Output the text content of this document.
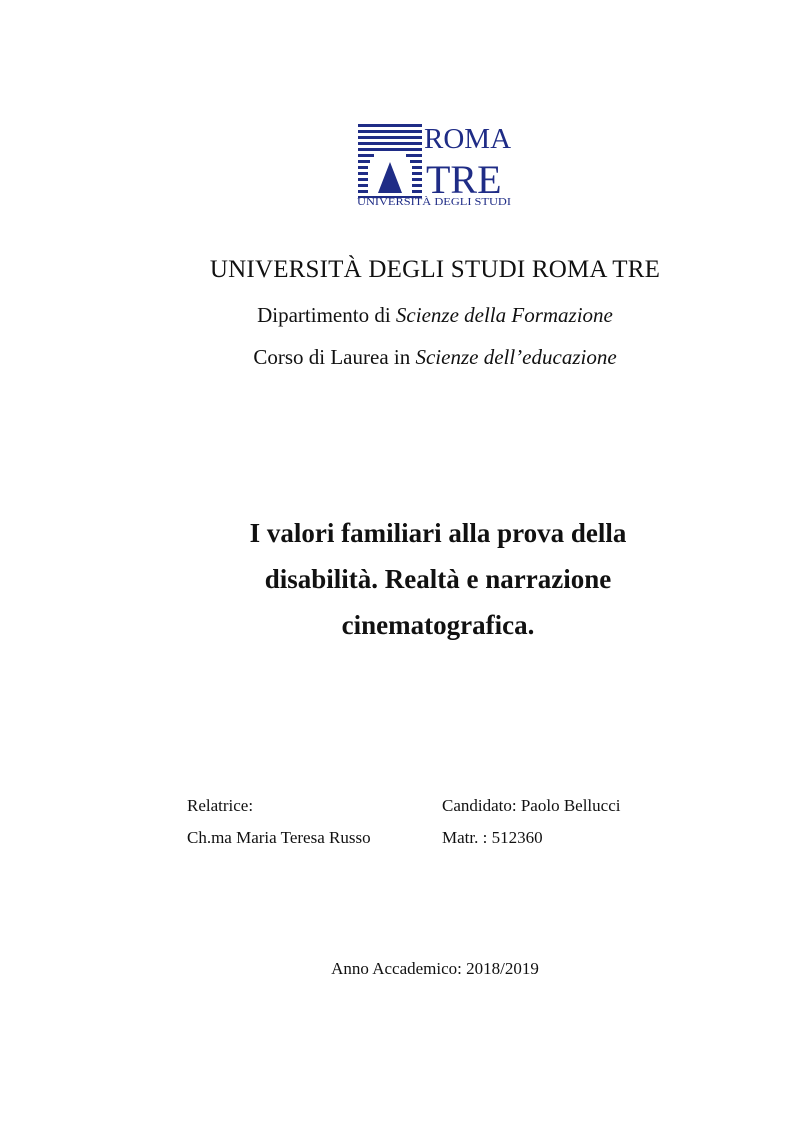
ROMA
TRE
UNIVERSITÀ DEGLI STUDI
UNIVERSITÀ DEGLI STUDI ROMA TRE
Dipartimento di Scienze della Formazione
Corso di Laurea in Scienze dell’educazione
I valori familiari alla prova della
disabilità. Realtà e narrazione
cinematografica.
Relatrice:
Ch.ma Maria Teresa Russo
Candidato: Paolo Bellucci
Matr. : 512360
Anno Accademico: 2018/2019
